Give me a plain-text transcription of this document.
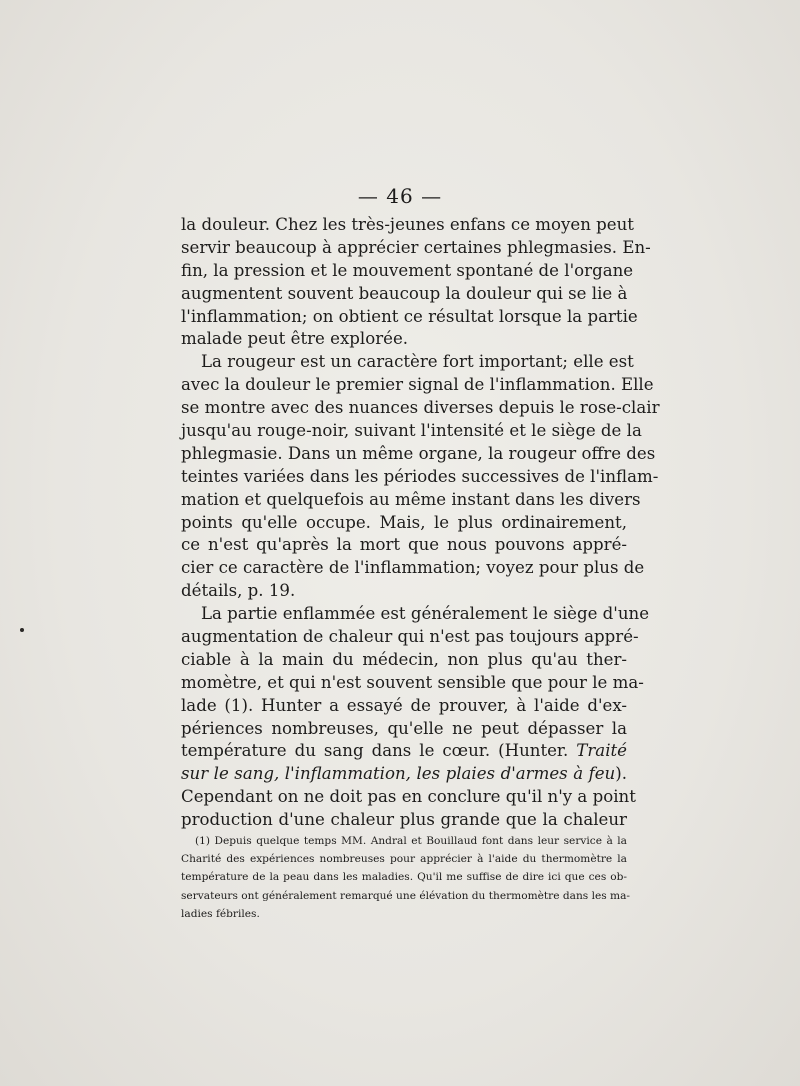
— 46 —
la douleur. Chez les très-jeunes enfans ce moyen peut
servir beaucoup à apprécier certaines phlegmasies. En-
fin, la pression et le mouvement spontané de l'organe
augmentent souvent beaucoup la douleur qui se lie à
l'inflammation; on obtient ce résultat lorsque la partie
malade peut être explorée.
La rougeur est un caractère fort important; elle est
avec la douleur le premier signal de l'inflammation. Elle
se montre avec des nuances diverses depuis le rose-clair
jusqu'au rouge-noir, suivant l'intensité et le siège de la
phlegmasie. Dans un même organe, la rougeur offre des
teintes variées dans les périodes successives de l'inflam-
mation et quelquefois au même instant dans les divers
points qu'elle occupe. Mais, le plus ordinairement,
ce n'est qu'après la mort que nous pouvons appré-
cier ce caractère de l'inflammation; voyez pour plus de
détails, p. 19.
La partie enflammée est généralement le siège d'une
augmentation de chaleur qui n'est pas toujours appré-
ciable à la main du médecin, non plus qu'au ther-
momètre, et qui n'est souvent sensible que pour le ma-
lade (1). Hunter a essayé de prouver, à l'aide d'ex-
périences nombreuses, qu'elle ne peut dépasser la
température du sang dans le cœur. (Hunter. Traité
sur le sang, l'inflammation, les plaies d'armes à feu).
Cependant on ne doit pas en conclure qu'il n'y a point
production d'une chaleur plus grande que la chaleur
(1) Depuis quelque temps MM. Andral et Bouillaud font dans leur service à la
Charité des expériences nombreuses pour apprécier à l'aide du thermomètre la
température de la peau dans les maladies. Qu'il me suffise de dire ici que ces ob-
servateurs ont généralement remarqué une élévation du thermomètre dans les ma-
ladies fébriles.
